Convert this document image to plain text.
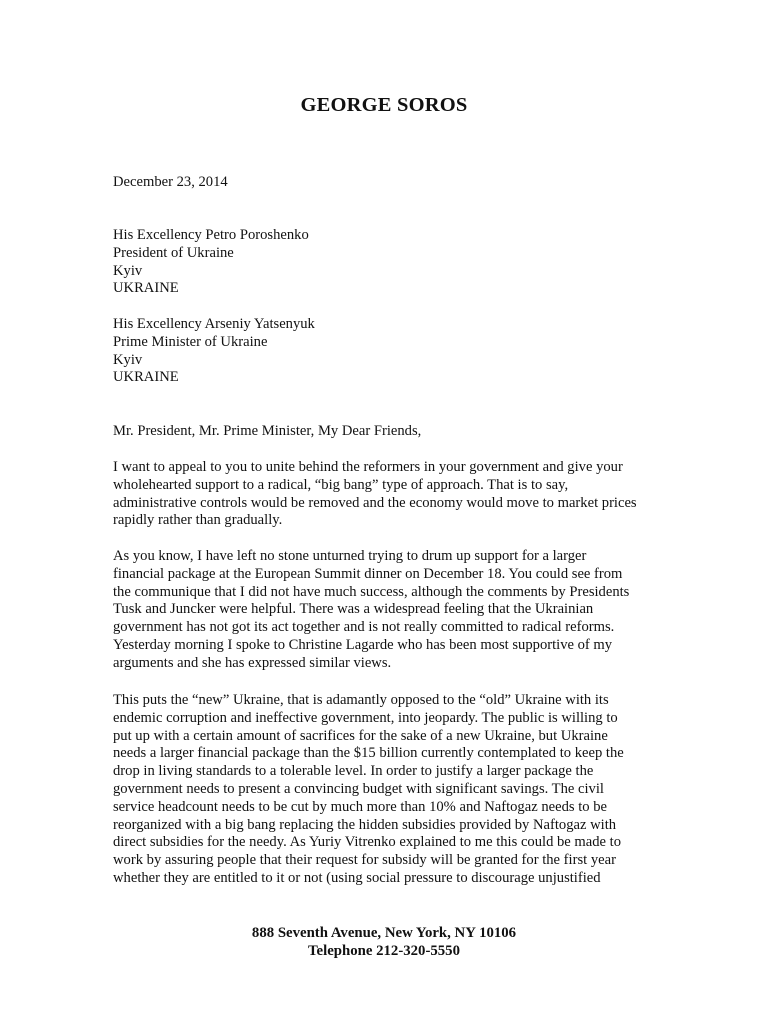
GEORGE SOROS
December 23, 2014
His Excellency Petro Poroshenko
President of Ukraine
Kyiv
UKRAINE
His Excellency Arseniy Yatsenyuk
Prime Minister of Ukraine
Kyiv
UKRAINE
Mr. President, Mr. Prime Minister, My Dear Friends,
I want to appeal to you to unite behind the reformers in your government and give your
wholehearted support to a radical, “big bang” type of approach. That is to say,
administrative controls would be removed and the economy would move to market prices
rapidly rather than gradually.
As you know, I have left no stone unturned trying to drum up support for a larger
financial package at the European Summit dinner on December 18. You could see from
the communique that I did not have much success, although the comments by Presidents
Tusk and Juncker were helpful. There was a widespread feeling that the Ukrainian
government has not got its act together and is not really committed to radical reforms.
Yesterday morning I spoke to Christine Lagarde who has been most supportive of my
arguments and she has expressed similar views.
This puts the “new” Ukraine, that is adamantly opposed to the “old” Ukraine with its
endemic corruption and ineffective government, into jeopardy. The public is willing to
put up with a certain amount of sacrifices for the sake of a new Ukraine, but Ukraine
needs a larger financial package than the $15 billion currently contemplated to keep the
drop in living standards to a tolerable level. In order to justify a larger package the
government needs to present a convincing budget with significant savings. The civil
service headcount needs to be cut by much more than 10% and Naftogaz needs to be
reorganized with a big bang replacing the hidden subsidies provided by Naftogaz with
direct subsidies for the needy. As Yuriy Vitrenko explained to me this could be made to
work by assuring people that their request for subsidy will be granted for the first year
whether they are entitled to it or not (using social pressure to discourage unjustified
888 Seventh Avenue, New York, NY 10106
Telephone 212-320-5550
